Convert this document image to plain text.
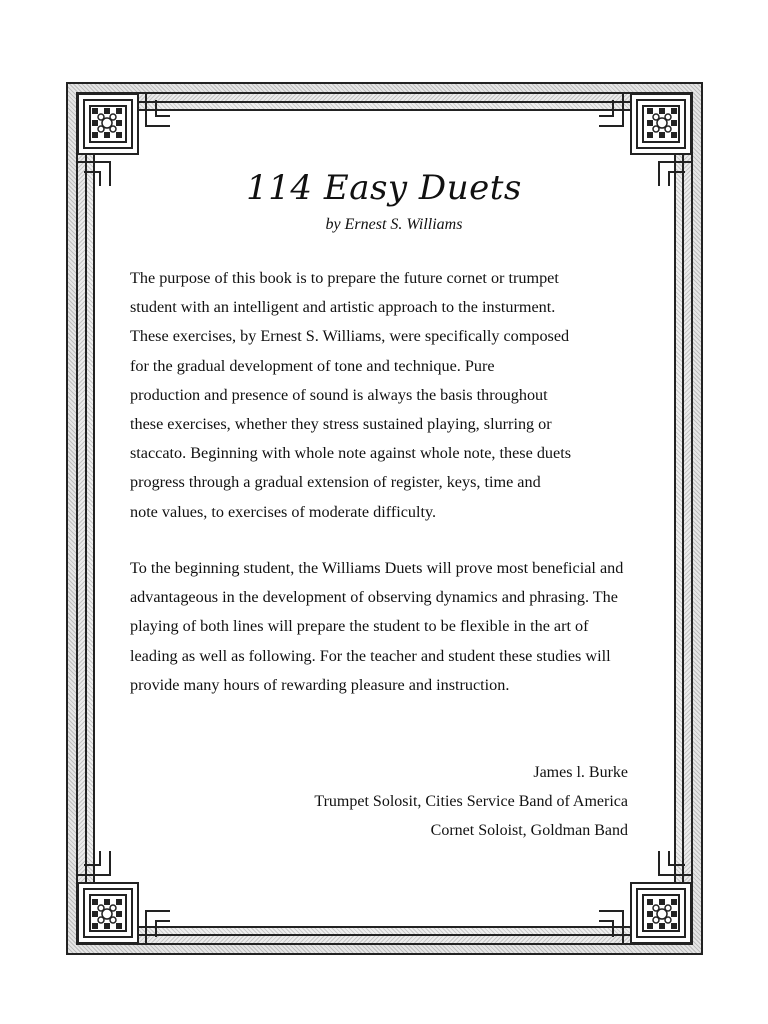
114 Easy Duets
by Ernest S. Williams

The purpose of this book is to prepare the future cornet or trumpet
student with an intelligent and artistic approach to the insturment.
These exercises, by Ernest S. Williams, were specifically composed
for the gradual development of tone and technique. Pure
production and presence of sound is always the basis throughout
these exercises, whether they stress sustained playing, slurring or
staccato. Beginning with whole note against whole note, these duets
progress through a gradual extension of register, keys, time and
note values, to exercises of moderate difficulty.

To the beginning student, the Williams Duets will prove most beneficial and advantageous in the development of observing dynamics and phrasing. The playing of both lines will prepare the student to be flexible in the art of leading as well as following. For the teacher and student these studies will provide many hours of rewarding pleasure and instruction.

James l. Burke
Trumpet Solosit, Cities Service Band of America
Cornet Soloist, Goldman Band
